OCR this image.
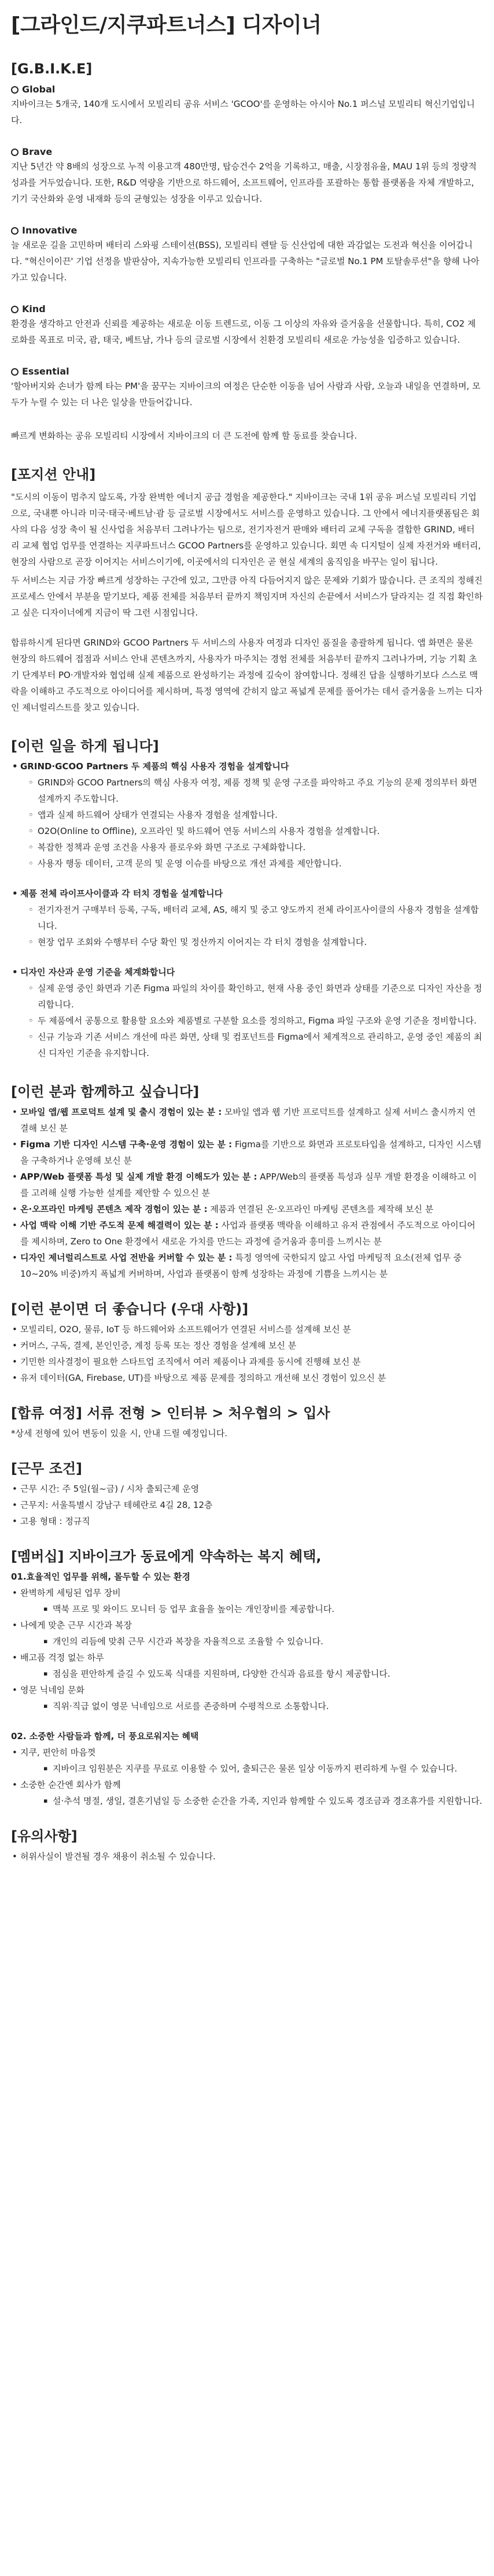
[그라인드/지쿠파트너스] 디자이너
[G.B.I.K.E]
Global

지바이크는 5개국, 140개 도시에서 모빌리티 공유 서비스 'GCOO'를 운영하는 아시아 No.1 퍼스널 모빌리티 혁신기업입니다.

Brave

지난 5년간 약 8배의 성장으로 누적 이용고객 480만명, 탑승건수 2억을 기록하고, 매출, 시장점유율, MAU 1위 등의 정량적 성과를 거두었습니다. 또한, R&D 역량을 기반으로 하드웨어, 소프트웨어, 인프라를 포괄하는 통합 플랫폼을 자체 개발하고, 기기 국산화와 운영 내재화 등의 균형있는 성장을 이루고 있습니다.

Innovative

늘 새로운 길을 고민하며 배터리 스와핑 스테이션(BSS), 모빌리티 렌탈 등 신산업에 대한 과감없는 도전과 혁신을 이어갑니다. "혁신이이끈' 기업 선정을 발판삼아, 지속가능한 모빌리티 인프라를 구축하는 "글로벌 No.1 PM 토탈솔루션"을 향해 나아가고 있습니다.

Kind

환경을 생각하고 안전과 신뢰를 제공하는 새로운 이동 트렌드로, 이동 그 이상의 자유와 즐거움을 선물합니다. 특히, CO2 제로화를 목표로 미국, 괌, 태국, 베트남, 가나 등의 글로벌 시장에서 친환경 모빌리티 새로운 가능성을 입증하고 있습니다.

Essential

'할아버지와 손녀가 함께 타는 PM'을 꿈꾸는 지바이크의 여정은 단순한 이동을 넘어 사람과 사람, 오늘과 내일을 연결하며, 모두가 누릴 수 있는 더 나은 일상을 만들어갑니다.

빠르게 변화하는 공유 모빌리티 시장에서 지바이크의 더 큰 도전에 함께 할 동료를 찾습니다.

[포지션 안내]

"도시의 이동이 멈추지 않도록, 가장 완벽한 에너지 공급 경험을 제공한다." 지바이크는 국내 1위 공유 퍼스널 모빌리티 기업으로, 국내뿐 아니라 미국·태국·베트남·괌 등 글로벌 시장에서도 서비스를 운영하고 있습니다. 그 안에서 에너지플랫폼팀은 회사의 다음 성장 축이 될 신사업을 처음부터 그려나가는 팀으로, 전기자전거 판매와 배터리 교체 구독을 결합한 GRIND, 배터리 교체 협업 업무를 연결하는 지쿠파트너스 GCOO Partners를 운영하고 있습니다. 회면 속 디지털이 실제 자전거와 배터리, 현장의 사람으로 곧장 이어지는 서비스이기에, 이곳에서의 디자인은 곧 현실 세계의 움직임을 바꾸는 일이 됩니다.

두 서비스는 지금 가장 빠르게 성장하는 구간에 있고, 그만큼 아직 다듬어지지 않은 문제와 기회가 많습니다. 큰 조직의 정해진 프로세스 안에서 부분을 맡기보다, 제품 전체를 처음부터 끝까지 책임지며 자신의 손끝에서 서비스가 달라지는 걸 직접 확인하고 싶은 디자이너에게 지금이 딱 그런 시점입니다.

합류하시게 된다면 GRIND와 GCOO Partners 두 서비스의 사용자 여정과 디자인 품질을 총괄하게 됩니다. 앱 화면은 물론 현장의 하드웨어 접점과 서비스 안내 콘텐츠까지, 사용자가 마주치는 경험 전체를 처음부터 끝까지 그려나가며, 기능 기획 초기 단계부터 PO·개발자와 협업해 실제 제품으로 완성하기는 과정에 깊숙이 참여합니다. 정해진 답을 실행하기보다 스스로 맥락을 이해하고 주도적으로 아이디어를 제시하며, 특정 영역에 갇히지 않고 폭넓게 문제를 풀어가는 데서 즐거움을 느끼는 디자인 제너럴리스트를 찾고 있습니다.

[이런 일을 하게 됩니다]
• GRIND·GCOO Partners 두 제품의 핵심 사용자 경험을 설계합니다
◦ GRIND와 GCOO Partners의 핵심 사용자 여정, 제품 정책 및 운영 구조를 파악하고 주요 기능의 문제 정의부터 화면 설계까지 주도합니다.
◦ 앱과 실제 하드웨어 상태가 연결되는 사용자 경험을 설계합니다.
◦ O2O(Online to Offline), 오프라인 및 하드웨어 연동 서비스의 사용자 경험을 설계합니다.
◦ 복잡한 정책과 운영 조건을 사용자 플로우와 화면 구조로 구체화합니다.
◦ 사용자 행동 데이터, 고객 문의 및 운영 이슈를 바탕으로 개선 과제를 제안합니다.
• 제품 전체 라이프사이클과 각 터치 경험을 설계합니다
◦ 전기자전거 구매부터 등록, 구독, 배터리 교체, AS, 해지 및 중고 양도까지 전체 라이프사이클의 사용자 경험을 설계합니다.
◦ 현장 업무 조회와 수행부터 수당 확인 및 정산까지 이어지는 각 터치 경험을 설계합니다.
• 디자인 자산과 운영 기준을 체계화합니다
◦ 실제 운영 중인 화면과 기존 Figma 파일의 차이를 확인하고, 현재 사용 중인 화면과 상태를 기준으로 디자인 자산을 정리합니다.
◦ 두 제품에서 공통으로 활용할 요소와 제품별로 구분할 요소를 정의하고, Figma 파일 구조와 운영 기준을 정비합니다.
◦ 신규 기능과 기존 서비스 개선에 따른 화면, 상태 및 컴포넌트를 Figma에서 체계적으로 관리하고, 운영 중인 제품의 최신 디자인 기준을 유지합니다.
[이런 분과 함께하고 싶습니다]
• 모바일 앱/웹 프로덕트 설계 및 출시 경험이 있는 분 : 모바일 앱과 웹 기반 프로덕트를 설계하고 실제 서비스 출시까지 연결해 보신 분
• Figma 기반 디자인 시스템 구축·운영 경험이 있는 분 : Figma를 기반으로 화면과 프로토타입을 설계하고, 디자인 시스템을 구축하거나 운영해 보신 분
• APP/Web 플랫폼 특성 및 실제 개발 환경 이해도가 있는 분 : APP/Web의 플랫폼 특성과 실무 개발 환경을 이해하고 이를 고려해 실행 가능한 설계를 제안할 수 있으신 분
• 온·오프라인 마케팅 콘텐츠 제작 경험이 있는 분 : 제품과 연결된 온·오프라인 마케팅 콘텐츠를 제작해 보신 분
• 사업 맥락 이해 기반 주도적 문제 해결력이 있는 분 : 사업과 플랫폼 맥락을 이해하고 유저 관점에서 주도적으로 아이디어를 제시하며, Zero to One 환경에서 새로운 가치를 만드는 과정에 즐거움과 흥미를 느끼시는 분
• 디자인 제너럴리스트로 사업 전반을 커버할 수 있는 분 : 특정 영역에 국한되지 않고 사업 마케팅적 요소(전체 업무 중 10~20% 비중)까지 폭넓게 커버하며, 사업과 플랫폼이 함께 성장하는 과정에 기쁨을 느끼시는 분
[이런 분이면 더 좋습니다 (우대 사항)]
• 모빌리티, O2O, 물류, IoT 등 하드웨어와 소프트웨어가 연결된 서비스를 설계해 보신 분
• 커머스, 구독, 결제, 본인인증, 계정 등록 또는 정산 경험을 설계해 보신 분
• 기민한 의사결정이 필요한 스타트업 조직에서 여러 제품이나 과제를 동시에 진행해 보신 분
• 유저 데이터(GA, Firebase, UT)를 바탕으로 제품 문제를 정의하고 개선해 보신 경험이 있으신 분
[합류 여정] 서류 전형 > 인터뷰 > 처우협의 > 입사

*상세 전형에 있어 변동이 있을 시, 안내 드릴 예정입니다.

[근무 조건]
• 근무 시간: 주 5일(월~금) / 시차 출퇴근제 운영
• 근무지: 서울특별시 강남구 테헤란로 4길 28, 12층
• 고용 형태 : 정규직
[멤버십] 지바이크가 동료에게 약속하는 복지 혜택,

01.효율적인 업무를 위해, 몰두할 수 있는 환경

• 완벽하게 세팅된 업무 장비
▪ 맥북 프로 및 와이드 모니터 등 업무 효율을 높이는 개인장비를 제공합니다.
• 나에게 맞춘 근무 시간과 복장
▪ 개인의 리듬에 맞춰 근무 시간과 복장을 자율적으로 조율할 수 있습니다.
• 배고픔 걱정 없는 하루
▪ 점심을 편안하게 즐길 수 있도록 식대를 지원하며, 다양한 간식과 음료를 항시 제공합니다.
• 영문 닉네임 문화
▪ 직위·직급 없이 영문 닉네임으로 서로를 존중하며 수평적으로 소통합니다.

02. 소중한 사람들과 함께, 더 풍요로워지는 혜택

• 지쿠, 편안히 마음껏
▪ 지바이크 임원분은 지쿠를 무료로 이용할 수 있어, 출퇴근은 물론 일상 이동까지 편리하게 누릴 수 있습니다.
• 소중한 순간엔 회사가 함께
▪ 설·추석 명절, 생일, 결혼기념일 등 소중한 순간을 가족, 지인과 함께할 수 있도록 경조금과 경조휴가를 지원합니다.
[유의사항]
• 허위사실이 발견될 경우 채용이 취소될 수 있습니다.
